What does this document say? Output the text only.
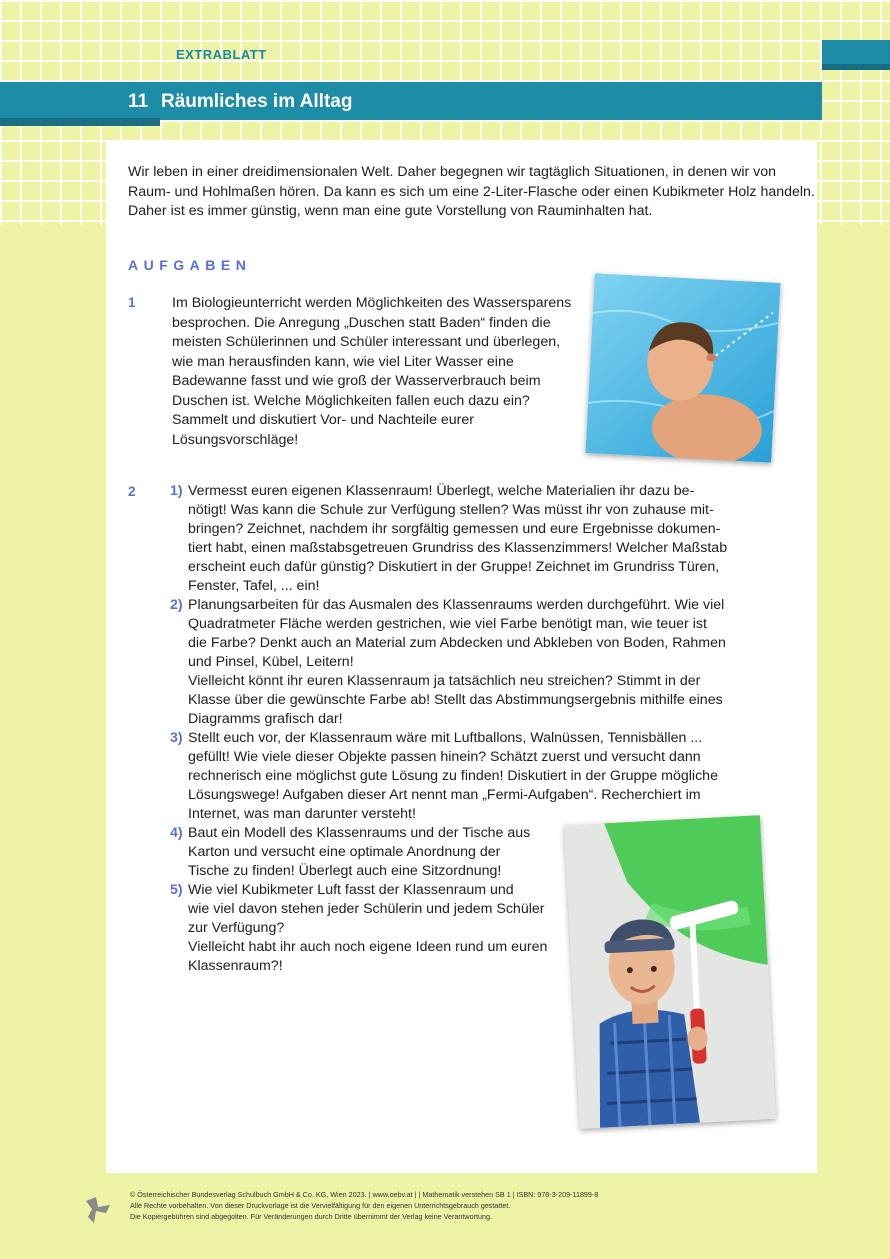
EXTRABLATT
11 Räumliches im Alltag
Wir leben in einer dreidimensionalen Welt. Daher begegnen wir tagtäglich Situationen, in denen wir von Raum- und Hohlmaßen hören. Da kann es sich um eine 2-Liter-Flasche oder einen Kubikmeter Holz handeln. Daher ist es immer günstig, wenn man eine gute Vorstellung von Rauminhalten hat.
AUFGABEN
1	Im Biologieunterricht werden Möglichkeiten des Wassersparens besprochen. Die Anregung „Duschen statt Baden“ finden die meisten Schülerinnen und Schüler interessant und überlegen, wie man herausfinden kann, wie viel Liter Wasser eine Badewanne fasst und wie groß der Wasserverbrauch beim Duschen ist. Welche Möglichkeiten fallen euch dazu ein? Sammelt und diskutiert Vor- und Nachteile eurer Lösungsvorschläge!
2 1) Vermesst euren eigenen Klassenraum! Überlegt, welche Materialien ihr dazu be-
nötigt! Was kann die Schule zur Verfügung stellen? Was müsst ihr von zuhause mit-
bringen? Zeichnet, nachdem ihr sorgfältig gemessen und eure Ergebnisse dokumen-
tiert habt, einen maßstabsgetreuen Grundriss des Klassenzimmers! Welcher Maßstab
erscheint euch dafür günstig? Diskutiert in der Gruppe! Zeichnet im Grundriss Türen,
Fenster, Tafel, ... ein!
2) Planungsarbeiten für das Ausmalen des Klassenraums werden durchgeführt. Wie viel
Quadratmeter Fläche werden gestrichen, wie viel Farbe benötigt man, wie teuer ist
die Farbe? Denkt auch an Material zum Abdecken und Abkleben von Boden, Rahmen
und Pinsel, Kübel, Leitern!
Vielleicht könnt ihr euren Klassenraum ja tatsächlich neu streichen? Stimmt in der
Klasse über die gewünschte Farbe ab! Stellt das Abstimmungsergebnis mithilfe eines
Diagramms grafisch dar!
3) Stellt euch vor, der Klassenraum wäre mit Luftballons, Walnüssen, Tennisbällen ...
gefüllt! Wie viele dieser Objekte passen hinein? Schätzt zuerst und versucht dann
rechnerisch eine möglichst gute Lösung zu finden! Diskutiert in der Gruppe mögliche
Lösungswege! Aufgaben dieser Art nennt man „Fermi-Aufgaben“. Recherchiert im
Internet, was man darunter versteht!
4) Baut ein Modell des Klassenraums und der Tische aus
Karton und versucht eine optimale Anordnung der
Tische zu finden! Überlegt auch eine Sitzordnung!
5) Wie viel Kubikmeter Luft fasst der Klassenraum und
wie viel davon stehen jeder Schülerin und jedem Schüler
zur Verfügung?
Vielleicht habt ihr auch noch eigene Ideen rund um euren
Klassenraum?!
© Österreichischer Bundesverlag Schulbuch GmbH & Co. KG, Wien 2023. | www.oebv.at | | Mathematik verstehen SB 1 | ISBN: 978-3-209-11899-8
Alle Rechte vorbehalten. Von dieser Druckvorlage ist die Vervielfältigung für den eigenen Unterrichtsgebrauch gestattet.
Die Kopiergebühren sind abgegolten. Für Veränderungen durch Dritte übernimmt der Verlag keine Verantwortung.
